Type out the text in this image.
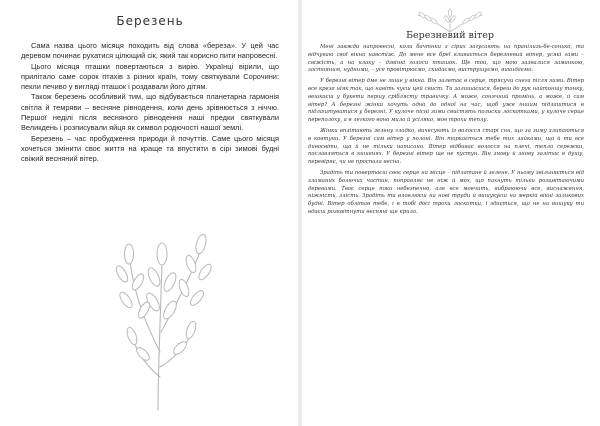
Березень

Сама назва цього місяця походить від слова «береза». У цей час деревом починає рухатися цілющий сік, який так корисно пити напровесні.

Цього місяця пташки повертаються з вирію. Українці вірили, що прилітало саме сорок птахів з різних країн, тому святкували Сорочини: пекли печиво у вигляді пташок і роздавали його дітям.

Також березень особливий тим, що відбувається планетарна гармонія світла й темряви – весняне рівнодення, коли день зрівнюється з ніччю. Першої неділі після весняного рівнодення наші предки святкували Великдень і розписували яйця як символ родючості нашої землі.

Березень – час пробудження природи й почуттів. Саме цього місяця хочеться змінити своє життя на краще та впустити в сірі зимові будні свіжий весняний вітер.

Березневий вітер

Мені завжди напровесні, коли бачтнки з сірих загусають на пранілизь-бе-сонько, та відчуваю свої вікна навстіж. До мене все бреї вливається березневий вітер, усякі гами – свіжість, а на клаку – дзвінкі голоси пташок. Ще той, що мою зазвалися заманкою, застояним, нудними, – усе провітрюємо, скидаємо, виструшуємо, викидаємо.

У березні вітер дме не лише у вікна. Він залетає в серце, трясучи снега після зими. Вітер все креза ніяк так, що навіть чуєш цей свист. Ти залишаєшся, береш до рук найтоншу тонку, вешкаєш у букети першу сріблясту травичку. А може, сонячний промінь, а може, й сам вітер? А березні жінки хочуть одна до одної на час, щоб уже іншим підлаштися в підлаштуватися у березні. У кулоче пісні зими свистять полиски лоскотками, у кулоче серце переполоху, а в легкого вона мила й усіляко, мов трохи теплу.

Жінки вплітають зелену гладко, вичесують із волосся старі сни, що за зиму злипаються в ковтуни. У березні сам вітер у полоні. Він торкається тебе тих лайками, що й ти все дивосвіти, що й не тільки написано. Вітер відбиває волосся на плечі, тепла сережки, пославляться в кишенях. У березні вітер ще не пустун. Він знову й знову залітає в душу, перевіряє, чи не проспала весна.

Зрадіть ти повертаєш своє серце на місце – підлатане й зелене. У ньому звільняється від зламаних болючих частин, поправляє не ніж й мох, що пахнуть тільки розцвітаючими деревами. Твоє серце поки небезпечно, але все мовчить, вибраюючи все, виснаження, ніжність, злість. Зрадіть ти вловлюєш на нові труди й вишукуєш на меркій вікні заликових будні. Вітер облітав тебе, і в тобі досі трохи лоскотки, і здається, що не на вишуку ти вдаєш розквітнути весняні ще крила.
